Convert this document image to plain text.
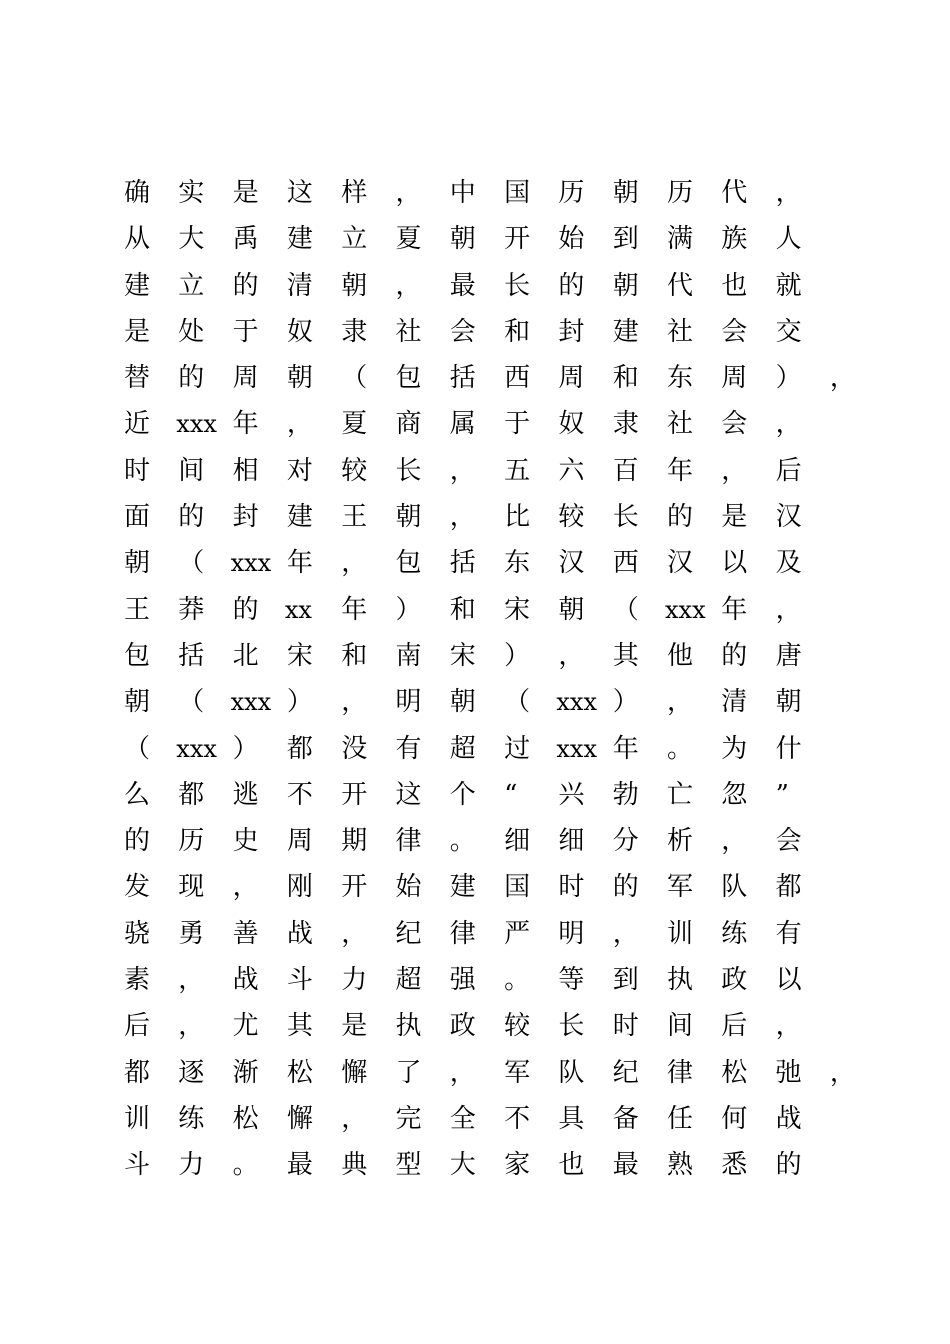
确 实 是 这 样 ， 中 国 历 朝 历 代 ，
从 大 禹 建 立 夏 朝 开 始 到 满 族 人
建 立 的 清 朝 ， 最 长 的 朝 代 也 就
是 处 于 奴 隶 社 会 和 封 建 社 会 交
替 的 周 朝 （ 包 括 西 周 和 东 周 ） ，
近 xxx 年 ， 夏 商 属 于 奴 隶 社 会 ，
时 间 相 对 较 长 ， 五 六 百 年 ， 后
面 的 封 建 王 朝 ， 比 较 长 的 是 汉
朝 （ xxx 年 ， 包 括 东 汉 西 汉 以 及
王 莽 的 xx 年 ） 和 宋 朝 （ xxx 年 ，
包 括 北 宋 和 南 宋 ） ， 其 他 的 唐
朝 （ xxx ） ， 明 朝 （ xxx ） ， 清 朝
（ xxx ） 都 没 有 超 过 xxx 年 。 为 什
么 都 逃 不 开 这 个 “ 兴 勃 亡 忽 ”
的 历 史 周 期 律 。 细 细 分 析 ， 会
发 现 ， 刚 开 始 建 国 时 的 军 队 都
骁 勇 善 战 ， 纪 律 严 明 ， 训 练 有
素 ， 战 斗 力 超 强 。 等 到 执 政 以
后 ， 尤 其 是 执 政 较 长 时 间 后 ，
都 逐 渐 松 懈 了 ， 军 队 纪 律 松 弛 ，
训 练 松 懈 ， 完 全 不 具 备 任 何 战
斗 力 。 最 典 型 大 家 也 最 熟 悉 的
